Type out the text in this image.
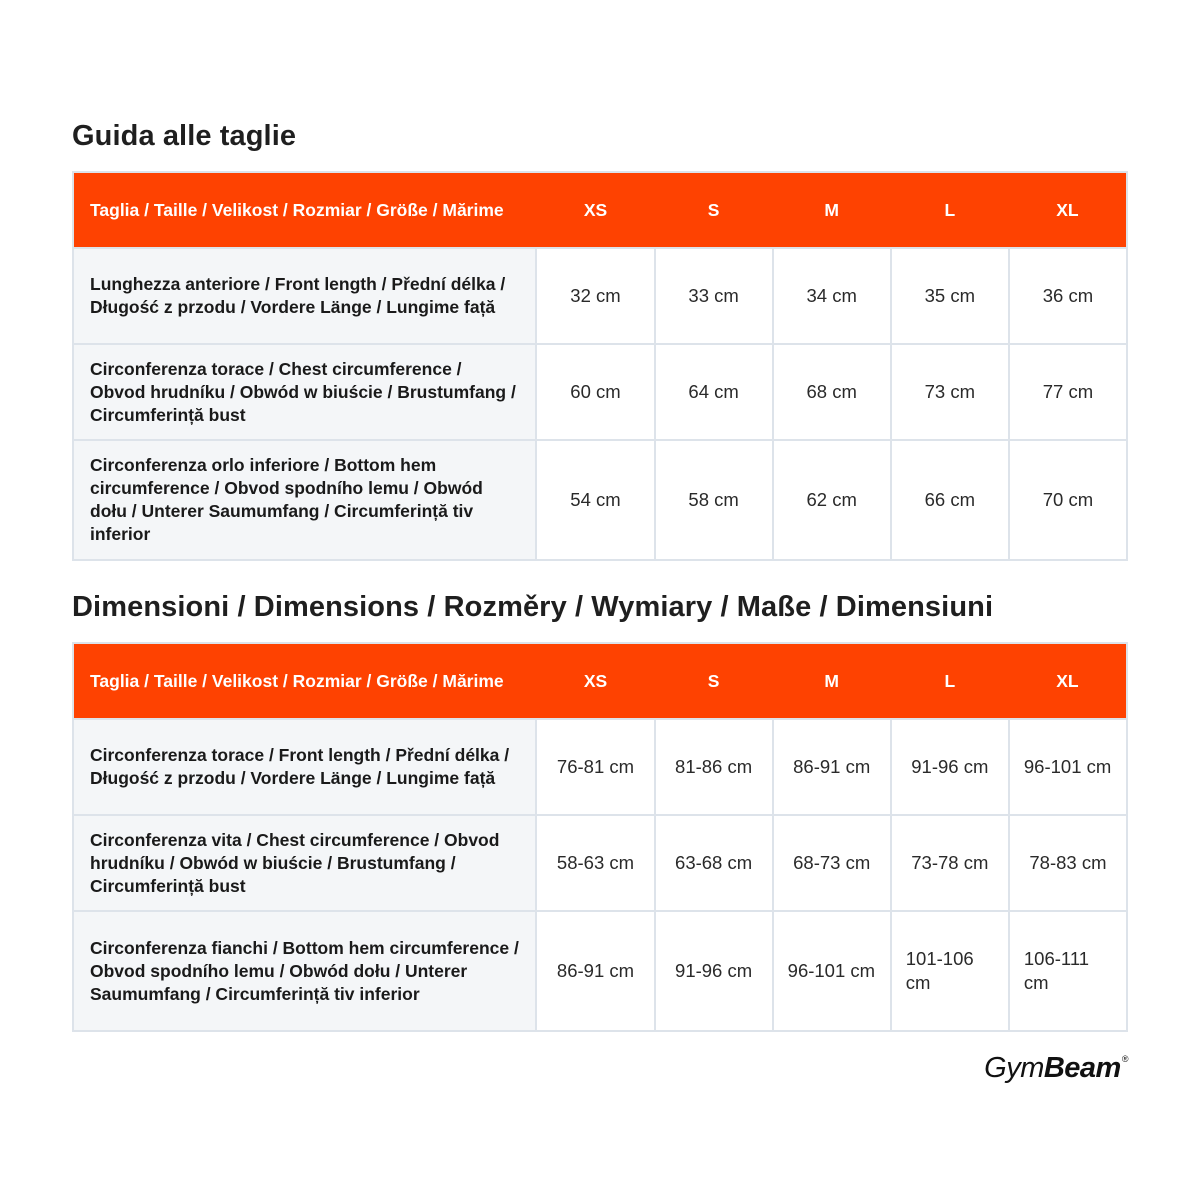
Guida alle taglie
Taglia / Taille / Velikost / Rozmiar / Größe / Mărime	XS	S	M	L	XL
Lunghezza anteriore / Front length / Přední délka / Długość z przodu / Vordere Länge / Lungime față	32 cm	33 cm	34 cm	35 cm	36 cm
Circonferenza torace / Chest circumference / Obvod hrudníku / Obwód w biuście / Brustumfang / Circumferință bust	60 cm	64 cm	68 cm	73 cm	77 cm
Circonferenza orlo inferiore / Bottom hem circumference / Obvod spodního lemu / Obwód dołu / Unterer Saumumfang / Circumferință tiv inferior	54 cm	58 cm	62 cm	66 cm	70 cm
Dimensioni / Dimensions / Rozměry / Wymiary / Maße / Dimensiuni
Taglia / Taille / Velikost / Rozmiar / Größe / Mărime	XS	S	M	L	XL
Circonferenza torace / Front length / Přední délka / Długość z przodu / Vordere Länge / Lungime față	76-81 cm	81-86 cm	86-91 cm	91-96 cm	96-101 cm
Circonferenza vita / Chest circumference / Obvod hrudníku / Obwód w biuście / Brustumfang / Circumferință bust	58-63 cm	63-68 cm	68-73 cm	73-78 cm	78-83 cm
Circonferenza fianchi / Bottom hem circumference / Obvod spodního lemu / Obwód dołu / Unterer Saumumfang / Circumferință tiv inferior	86-91 cm	91-96 cm	96-101 cm	101-106 cm	106-111 cm
GymBeam®
